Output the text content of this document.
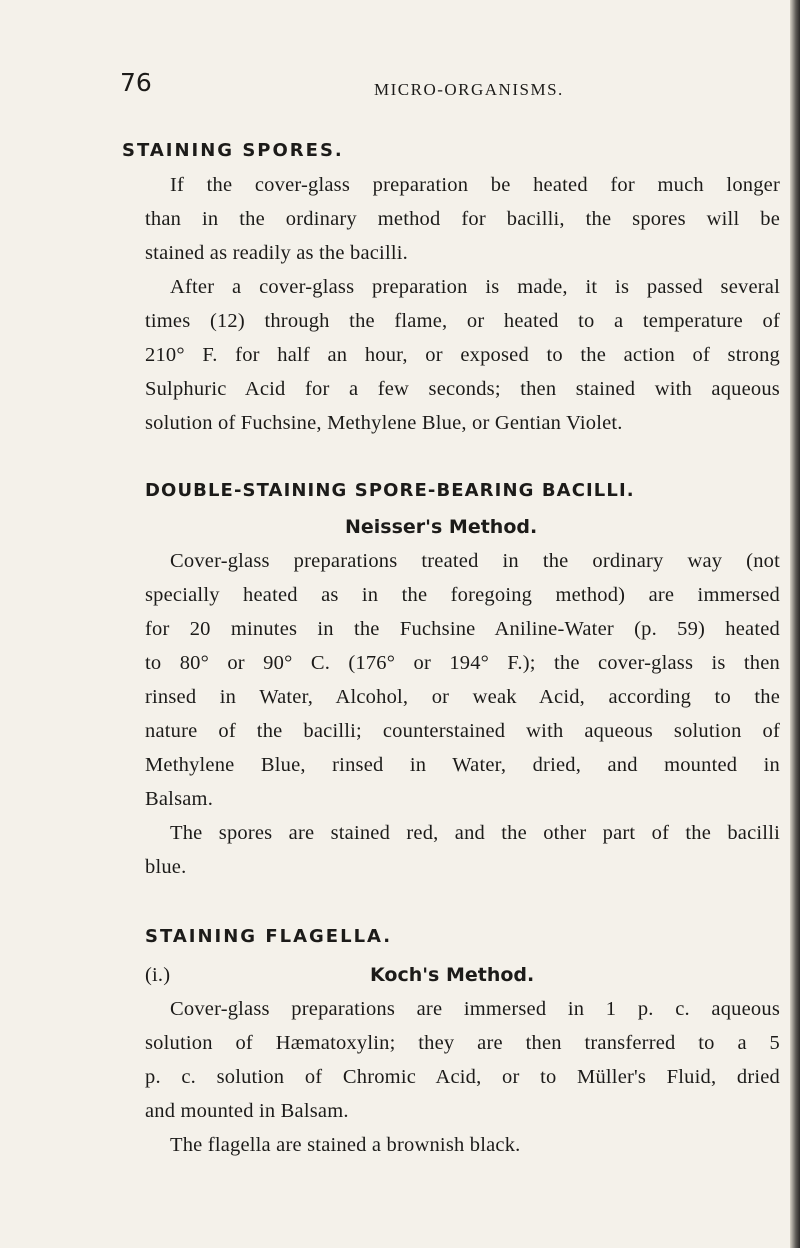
76	MICRO-ORGANISMS.
STAINING SPORES.
If the cover-glass preparation be heated for much longer
than in the ordinary method for bacilli, the spores will be
stained as readily as the bacilli.
After a cover-glass preparation is made, it is passed several
times (12) through the flame, or heated to a temperature of
210° F. for half an hour, or exposed to the action of strong
Sulphuric Acid for a few seconds; then stained with aqueous
solution of Fuchsine, Methylene Blue, or Gentian Violet.
DOUBLE-STAINING SPORE-BEARING BACILLI.
Neisser's Method.
Cover-glass preparations treated in the ordinary way (not
specially heated as in the foregoing method) are immersed
for 20 minutes in the Fuchsine Aniline-Water (p. 59) heated
to 80° or 90° C. (176° or 194° F.); the cover-glass is then
rinsed in Water, Alcohol, or weak Acid, according to the
nature of the bacilli; counterstained with aqueous solution of
Methylene Blue, rinsed in Water, dried, and mounted in
Balsam.
The spores are stained red, and the other part of the bacilli
blue.
STAINING FLAGELLA.
(i.)	Koch's Method.
Cover-glass preparations are immersed in 1 p. c. aqueous
solution of Hæmatoxylin; they are then transferred to a 5
p. c. solution of Chromic Acid, or to Müller's Fluid, dried
and mounted in Balsam.
The flagella are stained a brownish black.
